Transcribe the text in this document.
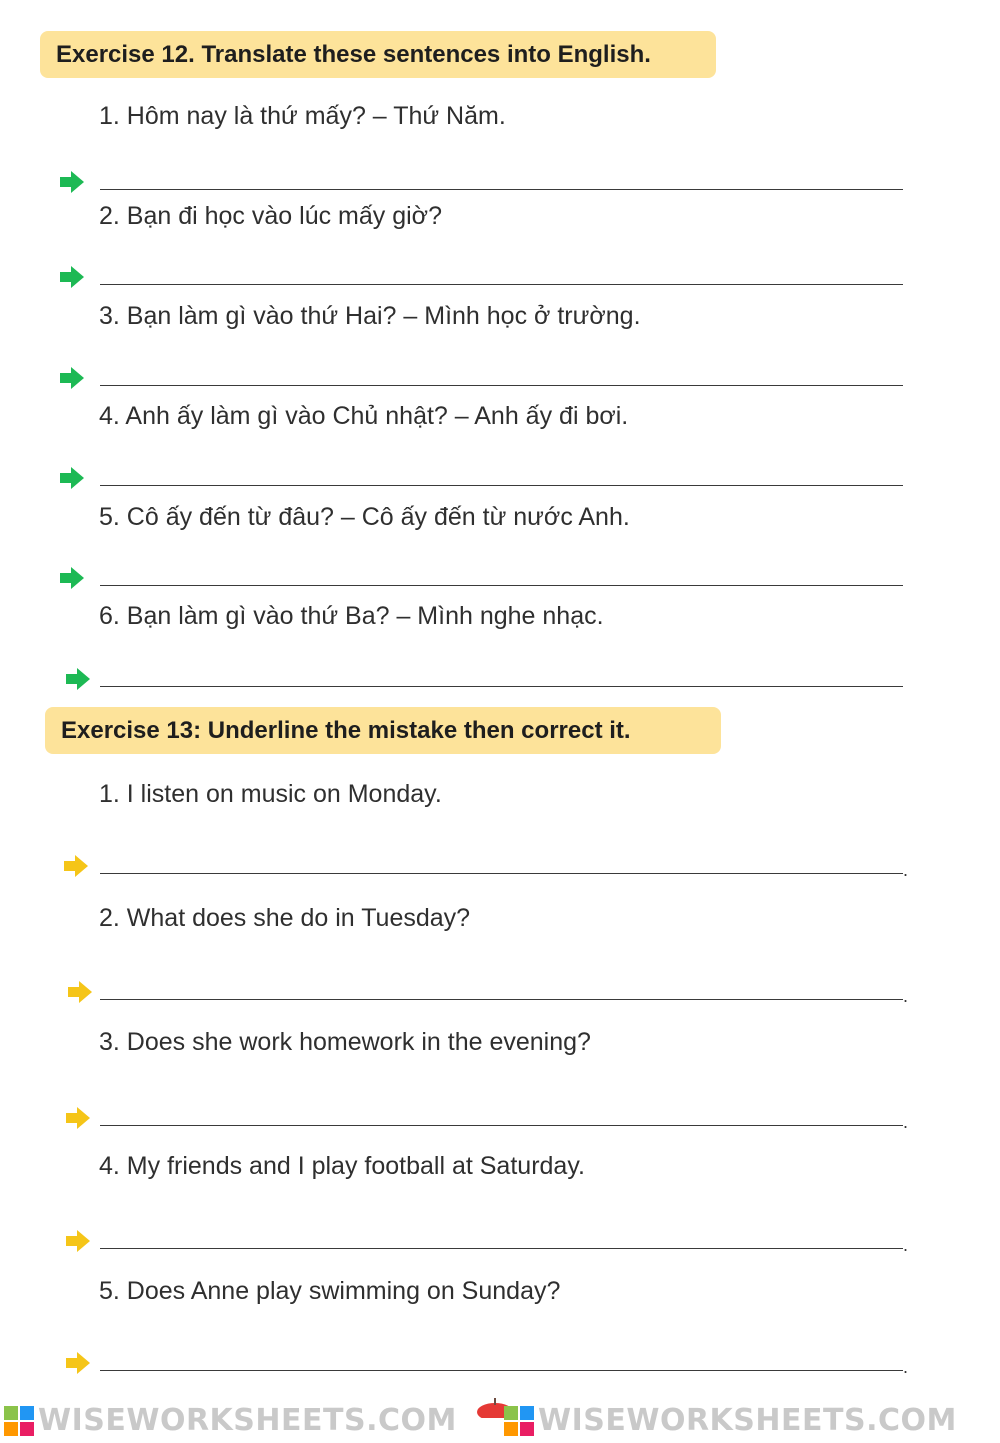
Exercise 12. Translate these sentences into English.
1. Hôm nay là thứ mấy? – Thứ Năm.
2. Bạn đi học vào lúc mấy giờ?
3. Bạn làm gì vào thứ Hai? – Mình học ở trường.
4. Anh ấy làm gì vào Chủ nhật? – Anh ấy đi bơi.
5. Cô ấy đến từ đâu? – Cô ấy đến từ nước Anh.
6. Bạn làm gì vào thứ Ba? – Mình nghe nhạc.
Exercise 13: Underline the mistake then correct it.
1. I listen on music on Monday.
.
2. What does she do in Tuesday?
.
3. Does she work homework in the evening?
.
4. My friends and I play football at Saturday.
.
5. Does Anne play swimming on Sunday?
.
WISEWORKSHEETS.COM	WISEWORKSHEETS.COM
